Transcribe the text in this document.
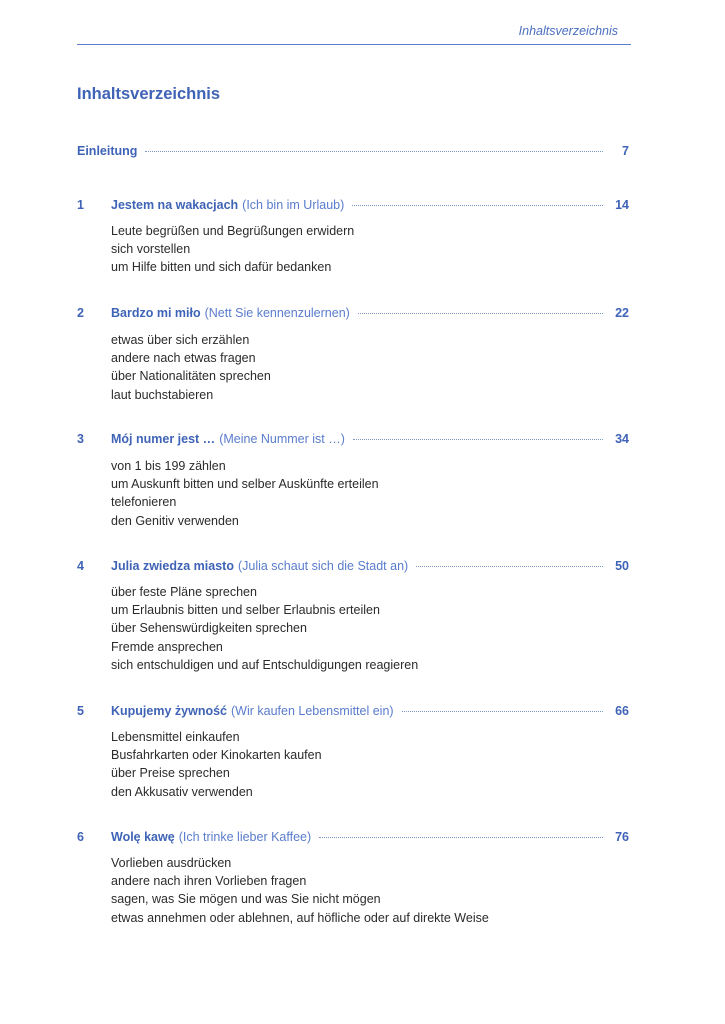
Inhaltsverzeichnis
Inhaltsverzeichnis
Einleitung	7
1	Jestem na wakacjach (Ich bin im Urlaub)	14
Leute begrüßen und Begrüßungen erwidern
sich vorstellen
um Hilfe bitten und sich dafür bedanken
2	Bardzo mi miło (Nett Sie kennenzulernen)	22
etwas über sich erzählen
andere nach etwas fragen
über Nationalitäten sprechen
laut buchstabieren
3	Mój numer jest … (Meine Nummer ist …)	34
von 1 bis 199 zählen
um Auskunft bitten und selber Auskünfte erteilen
telefonieren
den Genitiv verwenden
4	Julia zwiedza miasto (Julia schaut sich die Stadt an)	50
über feste Pläne sprechen
um Erlaubnis bitten und selber Erlaubnis erteilen
über Sehenswürdigkeiten sprechen
Fremde ansprechen
sich entschuldigen und auf Entschuldigungen reagieren
5	Kupujemy żywność (Wir kaufen Lebensmittel ein)	66
Lebensmittel einkaufen
Busfahrkarten oder Kinokarten kaufen
über Preise sprechen
den Akkusativ verwenden
6	Wolę kawę (Ich trinke lieber Kaffee)	76
Vorlieben ausdrücken
andere nach ihren Vorlieben fragen
sagen, was Sie mögen und was Sie nicht mögen
etwas annehmen oder ablehnen, auf höfliche oder auf direkte Weise
